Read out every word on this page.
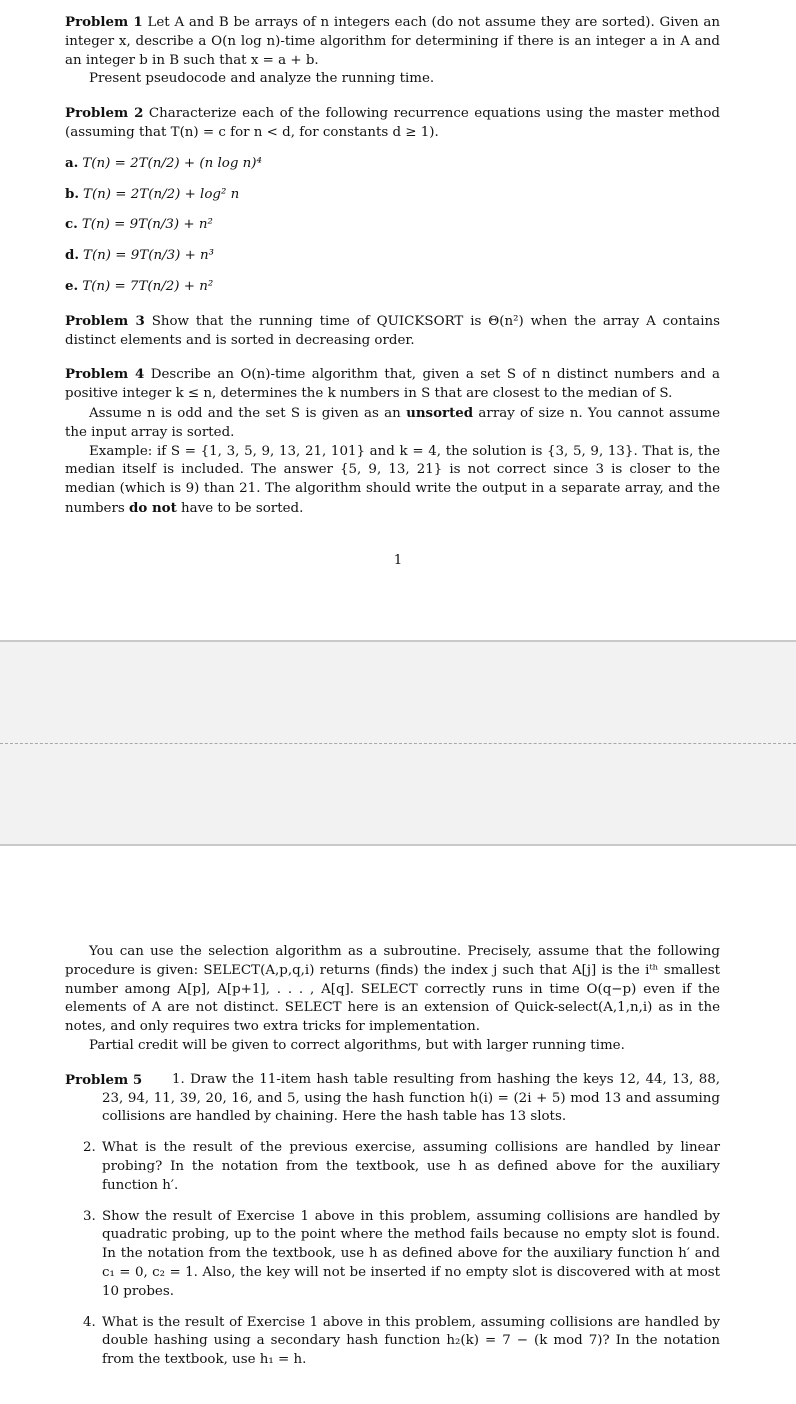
Problem 1 Let A and B be arrays of n integers each (do not assume they are sorted). Given an integer x, describe a O(n log n)-time algorithm for determining if there is an integer a in A and an integer b in B such that x = a + b.

Present pseudocode and analyze the running time.

Problem 2 Characterize each of the following recurrence equations using the master method (assuming that T(n) = c for n < d, for constants d ≥ 1).

a. T(n) = 2T(n/2) + (n log n)⁴

b. T(n) = 2T(n/2) + log² n

c. T(n) = 9T(n/3) + n²

d. T(n) = 9T(n/3) + n³

e. T(n) = 7T(n/2) + n²

Problem 3 Show that the running time of QUICKSORT is Θ(n²) when the array A contains distinct elements and is sorted in decreasing order.

Problem 4 Describe an O(n)-time algorithm that, given a set S of n distinct numbers and a positive integer k ≤ n, determines the k numbers in S that are closest to the median of S.

Assume n is odd and the set S is given as an unsorted array of size n. You cannot assume the input array is sorted.

Example: if S = {1, 3, 5, 9, 13, 21, 101} and k = 4, the solution is {3, 5, 9, 13}. That is, the median itself is included. The answer {5, 9, 13, 21} is not correct since 3 is closer to the median (which is 9) than 21. The algorithm should write the output in a separate array, and the numbers do not have to be sorted.

1

You can use the selection algorithm as a subroutine. Precisely, assume that the following procedure is given: SELECT(A,p,q,i) returns (finds) the index j such that A[j] is the iᵗʰ smallest number among A[p], A[p+1], . . . , A[q]. SELECT correctly runs in time O(q−p) even if the elements of A are not distinct. SELECT here is an extension of Quick-select(A,1,n,i) as in the notes, and only requires two extra tricks for implementation.

Partial credit will be given to correct algorithms, but with larger running time.

Problem 5	1. Draw the 11-item hash table resulting from hashing the keys 12, 44, 13, 88, 23, 94, 11, 39, 20, 16, and 5, using the hash function h(i) = (2i + 5) mod 13 and assuming collisions are handled by chaining. Here the hash table has 13 slots.

2. What is the result of the previous exercise, assuming collisions are handled by linear probing? In the notation from the textbook, use h as defined above for the auxiliary function h′.

3. Show the result of Exercise 1 above in this problem, assuming collisions are handled by quadratic probing, up to the point where the method fails because no empty slot is found. In the notation from the textbook, use h as defined above for the auxiliary function h′ and c₁ = 0, c₂ = 1. Also, the key will not be inserted if no empty slot is discovered with at most 10 probes.

4. What is the result of Exercise 1 above in this problem, assuming collisions are handled by double hashing using a secondary hash function h₂(k) = 7 − (k mod 7)? In the notation from the textbook, use h₁ = h.
